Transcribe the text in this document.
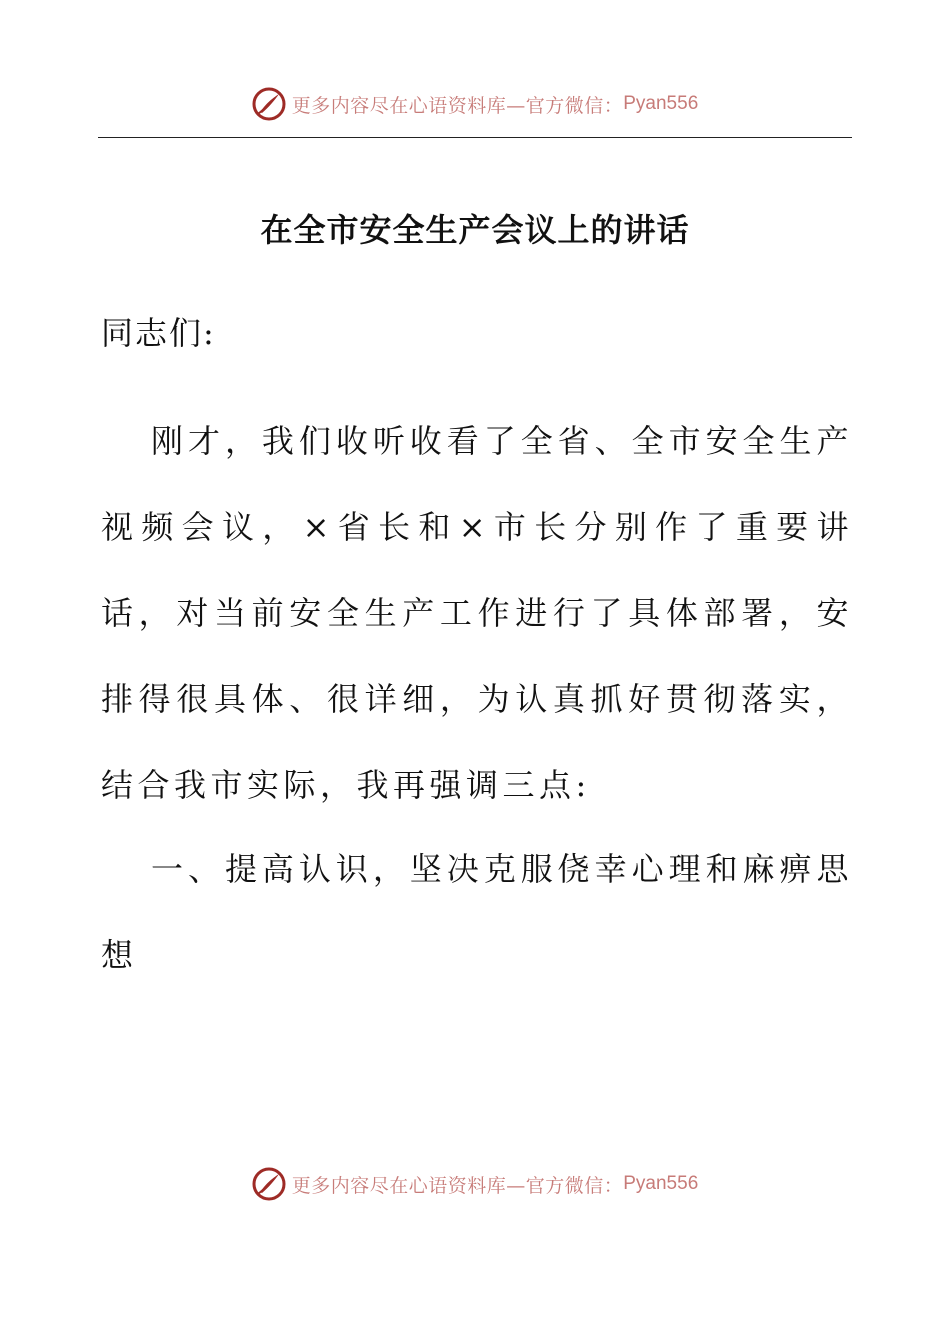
更多内容尽在心语资料库—官方微信： Pyan556
在全市安全生产会议上的讲话
同志们:
刚才，我们收听收看了全省、全市安全生产视频会议，×省长和×市长分别作了重要讲话，对当前安全生产工作进行了具体部署，安排得很具体、很详细，为认真抓好贯彻落实，结合我市实际，我再强调三点:
一、提高认识，坚决克服侥幸心理和麻痹思想
更多内容尽在心语资料库—官方微信： Pyan556
